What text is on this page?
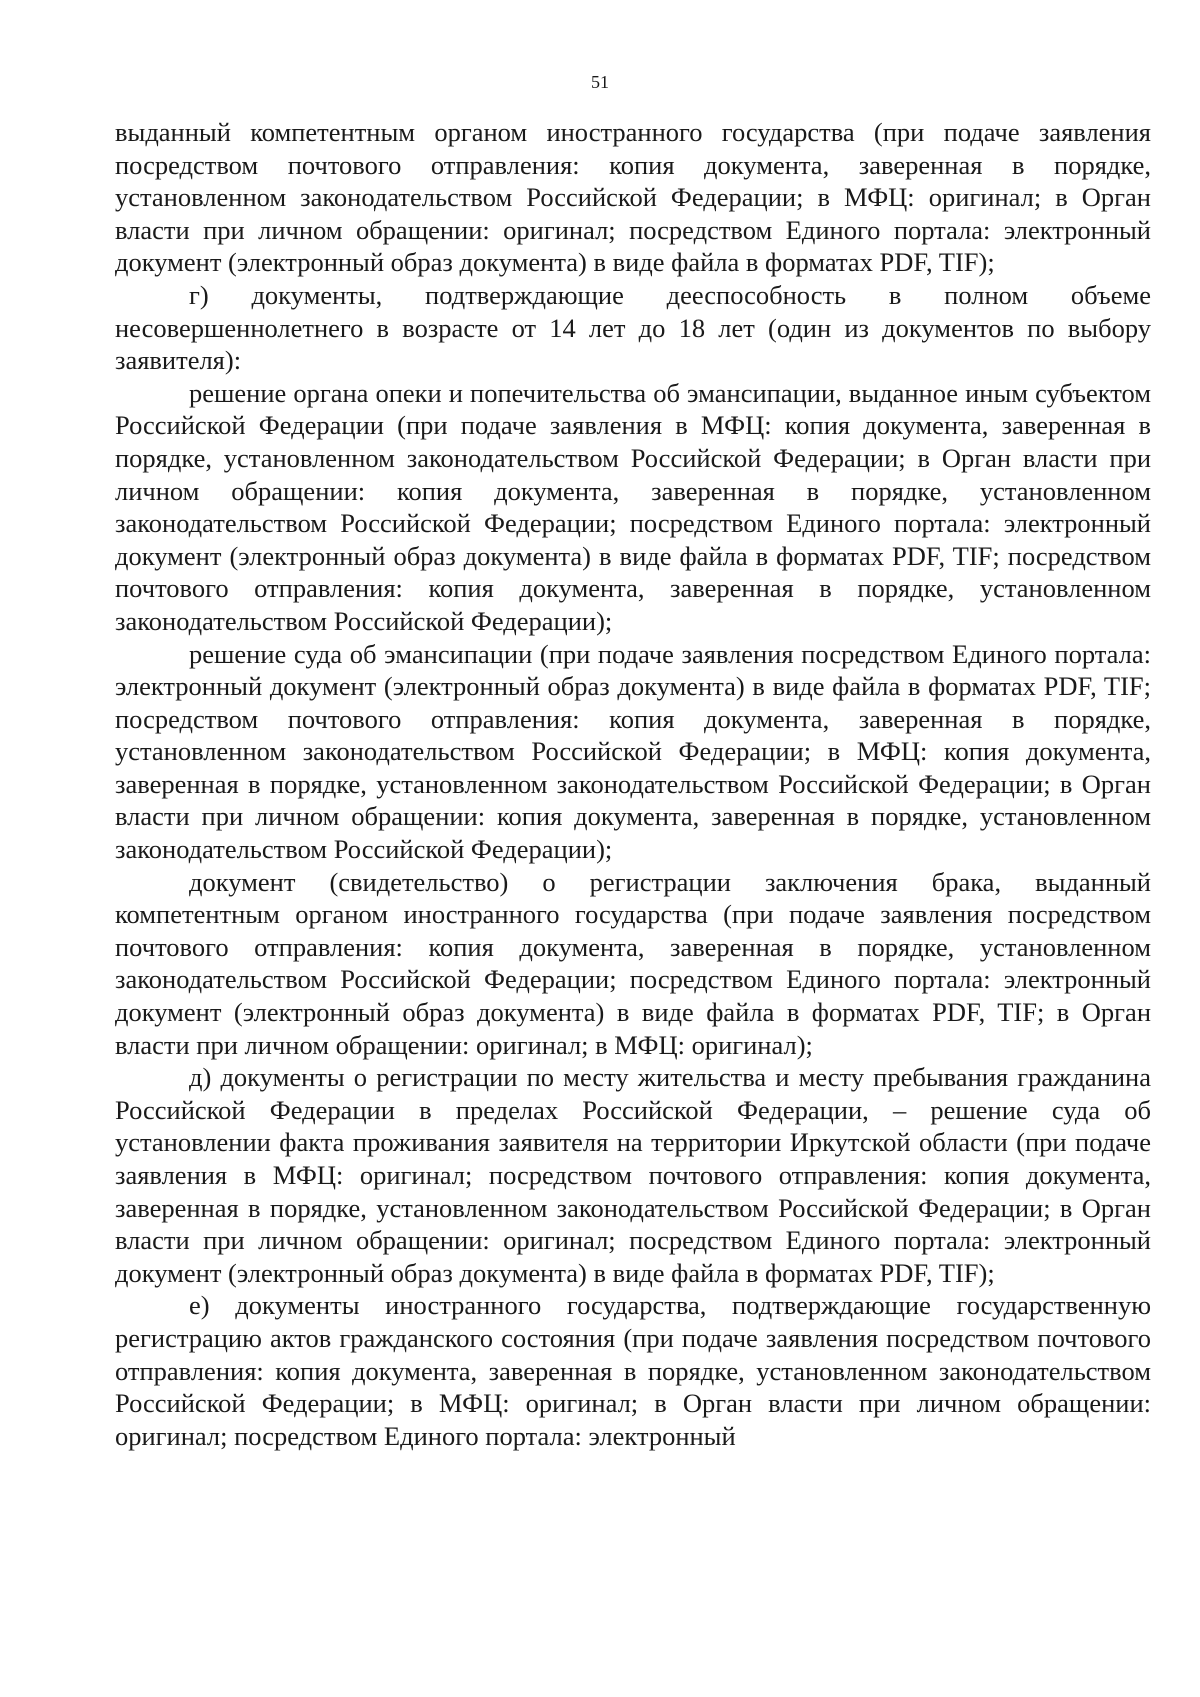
51

выданный компетентным органом иностранного государства (при подаче заявления посредством почтового отправления: копия документа, заверенная в порядке, установленном законодательством Российской Федерации; в МФЦ: оригинал; в Орган власти при личном обращении: оригинал; посредством Единого портала: электронный документ (электронный образ документа) в виде файла в форматах PDF, TIF);

г) документы, подтверждающие дееспособность в полном объеме несовершеннолетнего в возрасте от 14 лет до 18 лет (один из документов по выбору заявителя):

решение органа опеки и попечительства об эмансипации, выданное иным субъектом Российской Федерации (при подаче заявления в МФЦ: копия документа, заверенная в порядке, установленном законодательством Российской Федерации; в Орган власти при личном обращении: копия документа, заверенная в порядке, установленном законодательством Российской Федерации; посредством Единого портала: электронный документ (электронный образ документа) в виде файла в форматах PDF, TIF; посредством почтового отправления: копия документа, заверенная в порядке, установленном законодательством Российской Федерации);

решение суда об эмансипации (при подаче заявления посредством Единого портала: электронный документ (электронный образ документа) в виде файла в форматах PDF, TIF; посредством почтового отправления: копия документа, заверенная в порядке, установленном законодательством Российской Федерации; в МФЦ: копия документа, заверенная в порядке, установленном законодательством Российской Федерации; в Орган власти при личном обращении: копия документа, заверенная в порядке, установленном законодательством Российской Федерации);

документ (свидетельство) о регистрации заключения брака, выданный компетентным органом иностранного государства (при подаче заявления посредством почтового отправления: копия документа, заверенная в порядке, установленном законодательством Российской Федерации; посредством Единого портала: электронный документ (электронный образ документа) в виде файла в форматах PDF, TIF; в Орган власти при личном обращении: оригинал; в МФЦ: оригинал);

д) документы о регистрации по месту жительства и месту пребывания гражданина Российской Федерации в пределах Российской Федерации, – решение суда об установлении факта проживания заявителя на территории Иркутской области (при подаче заявления в МФЦ: оригинал; посредством почтового отправления: копия документа, заверенная в порядке, установленном законодательством Российской Федерации; в Орган власти при личном обращении: оригинал; посредством Единого портала: электронный документ (электронный образ документа) в виде файла в форматах PDF, TIF);

е) документы иностранного государства, подтверждающие государственную регистрацию актов гражданского состояния (при подаче заявления посредством почтового отправления: копия документа, заверенная в порядке, установленном законодательством Российской Федерации; в МФЦ: оригинал; в Орган власти при личном обращении: оригинал; посредством Единого портала: электронный
